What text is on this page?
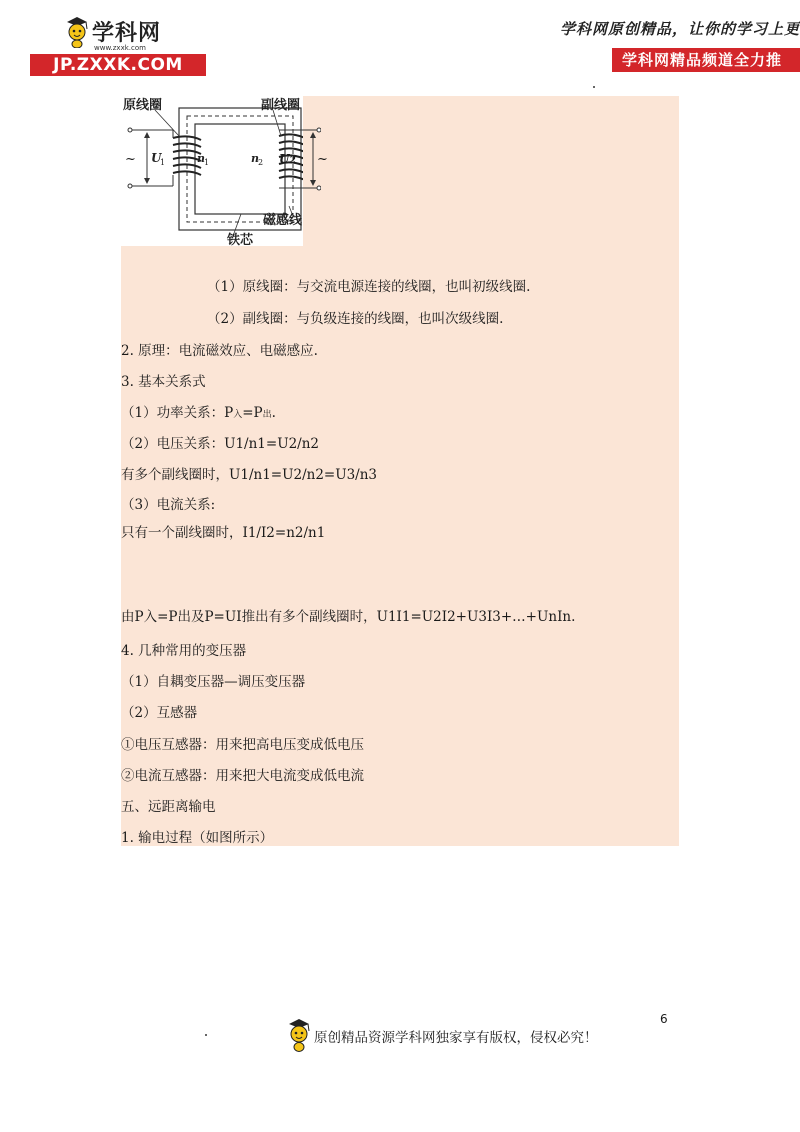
学科网
www.zxxk.com
JP.ZXXK.COM
学科网原创精品，让你的学习上更
学科网精品频道全力推
原线圈	副线圈
磁感线
铁芯
~ U
1	n 1	n 2 U2 ~
（1）原线圈：与交流电源连接的线圈，也叫初级线圈.
（2）副线圈：与负级连接的线圈，也叫次级线圈.
2. 原理：电流磁效应、电磁感应.
3. 基本关系式
（1）功率关系：P入=P出.
（2）电压关系：U1/n1=U2/n2
有多个副线圈时，U1/n1=U2/n2=U3/n3
（3）电流关系:
只有一个副线圈时，I1/I2=n2/n1
由P入=P出及P=UI推出有多个副线圈时，U1I1=U2I2+U3I3+…+UnIn.
4. 几种常用的变压器
（1）自耦变压器—调压变压器
（2）互感器
①电压互感器：用来把高电压变成低电压
②电流互感器：用来把大电流变成低电流
五、远距离输电
1. 输电过程（如图所示）
6
原创精品资源学科网独家享有版权，侵权必究！
